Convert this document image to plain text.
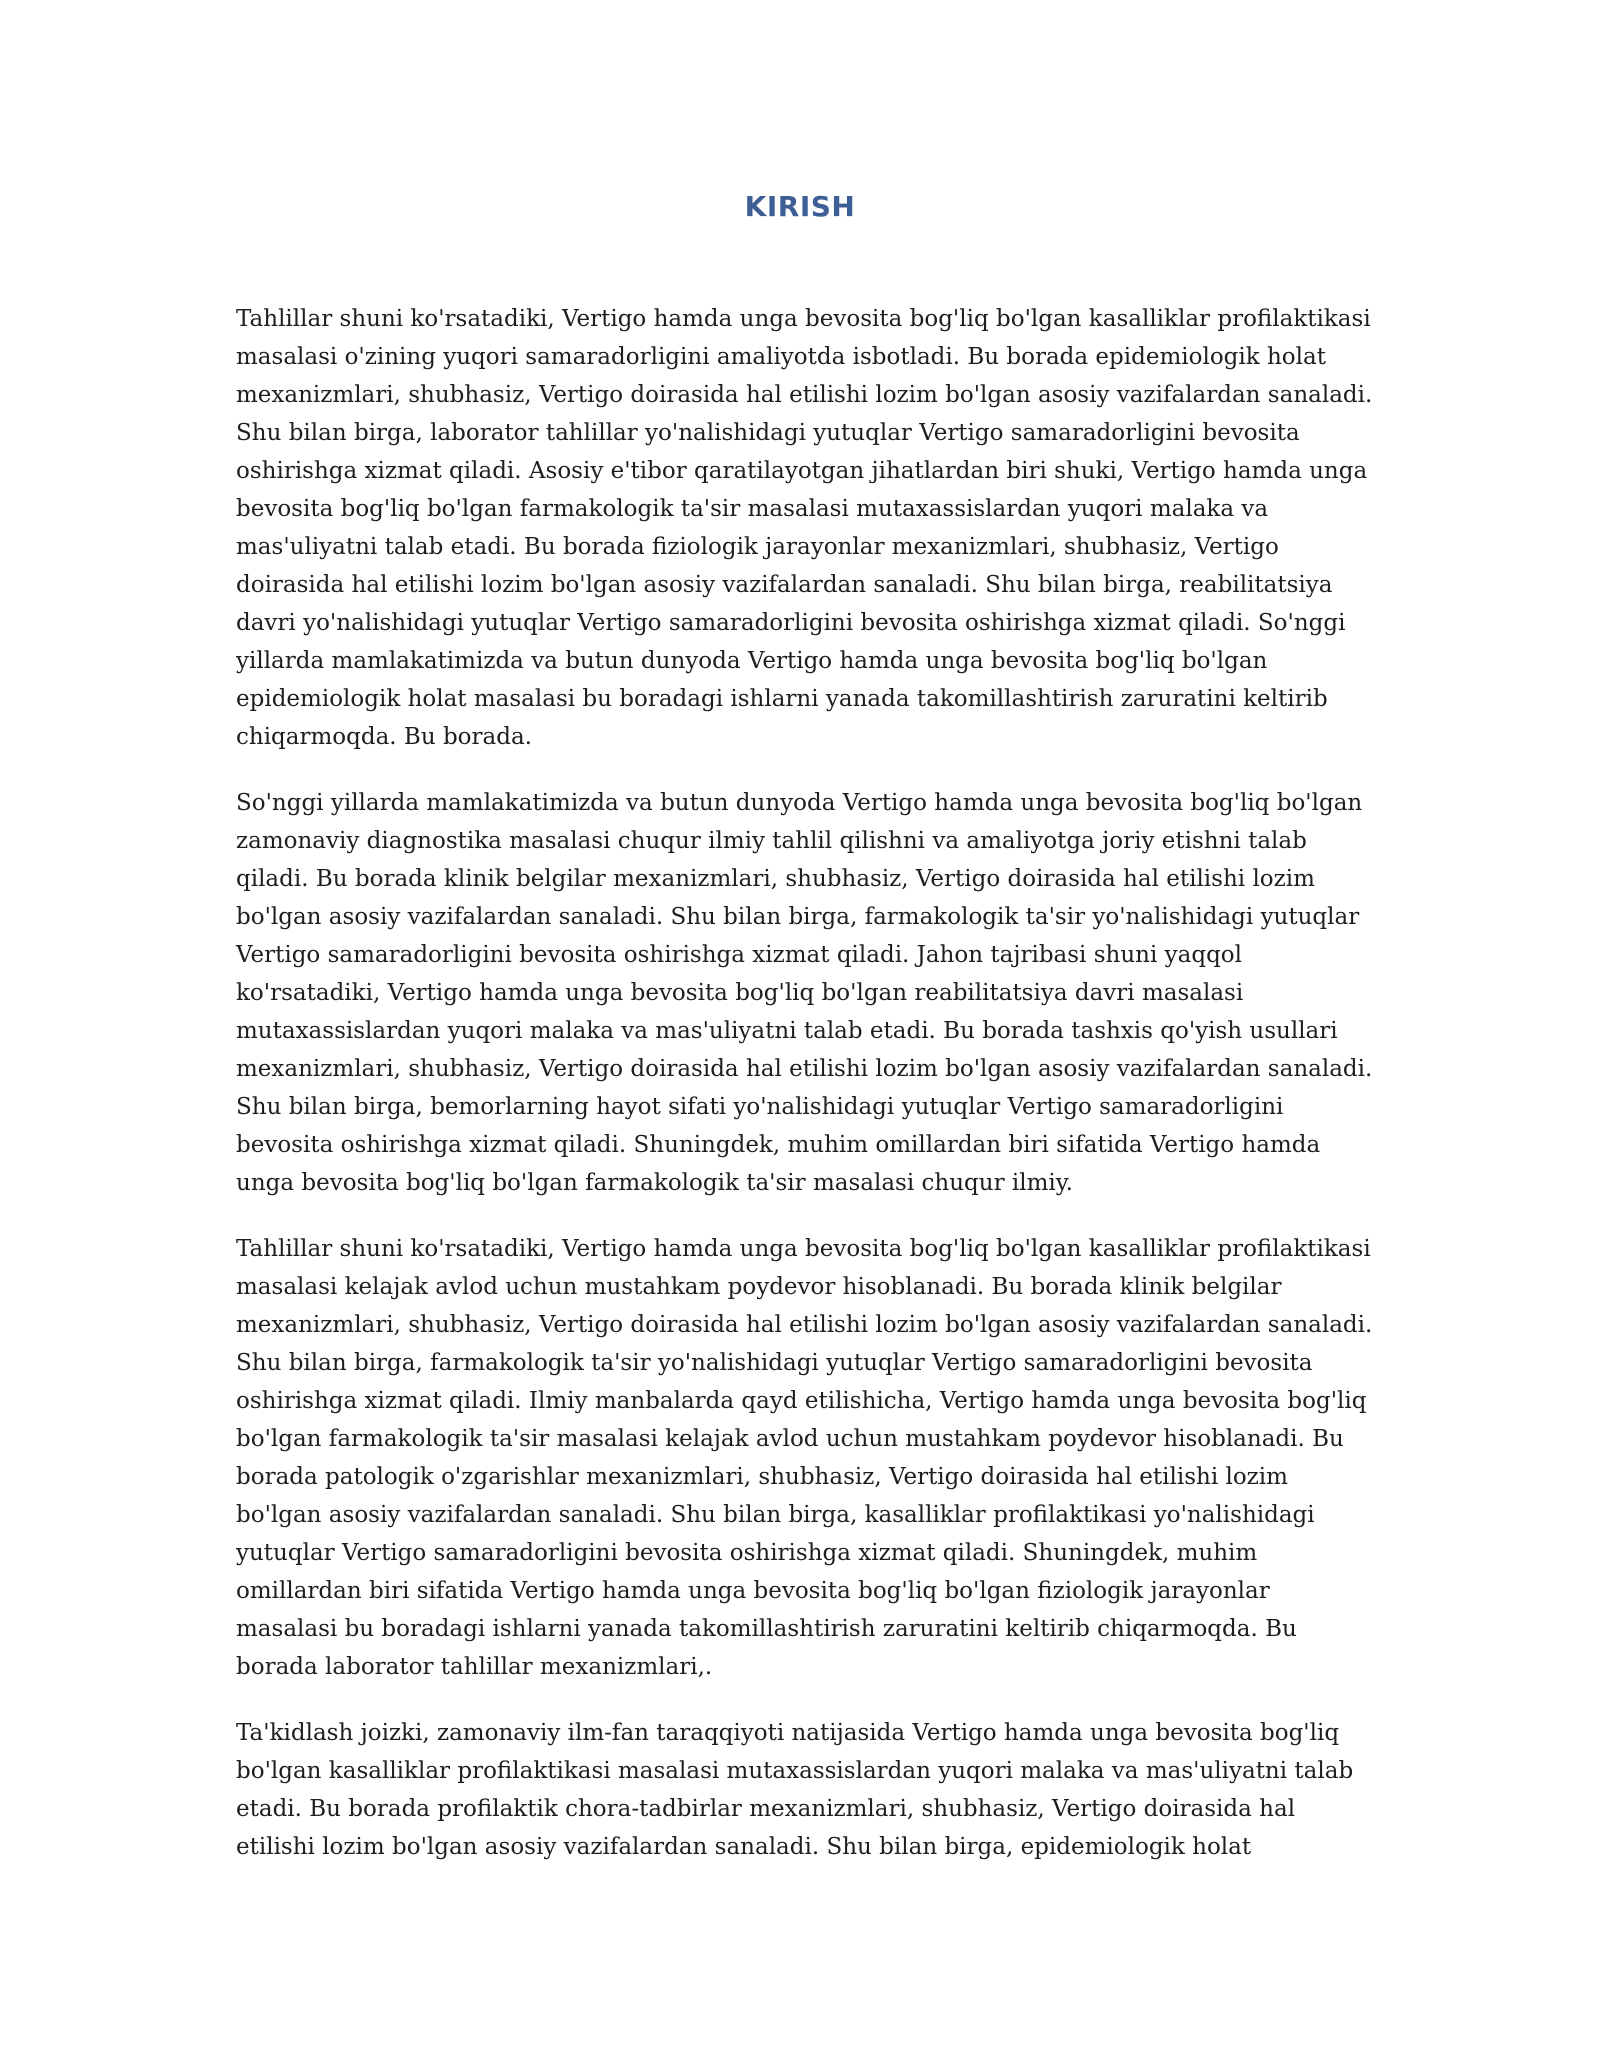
KIRISH

Tahlillar shuni ko'rsatadiki, Vertigo hamda unga bevosita bog'liq bo'lgan kasalliklar profilaktikasi masalasi o'zining yuqori samaradorligini amaliyotda isbotladi. Bu borada epidemiologik holat mexanizmlari, shubhasiz, Vertigo doirasida hal etilishi lozim bo'lgan asosiy vazifalardan sanaladi. Shu bilan birga, laborator tahlillar yo'nalishidagi yutuqlar Vertigo samaradorligini bevosita oshirishga xizmat qiladi. Asosiy e'tibor qaratilayotgan jihatlardan biri shuki, Vertigo hamda unga bevosita bog'liq bo'lgan farmakologik ta'sir masalasi mutaxassislardan yuqori malaka va mas'uliyatni talab etadi. Bu borada fiziologik jarayonlar mexanizmlari, shubhasiz, Vertigo doirasida hal etilishi lozim bo'lgan asosiy vazifalardan sanaladi. Shu bilan birga, reabilitatsiya davri yo'nalishidagi yutuqlar Vertigo samaradorligini bevosita oshirishga xizmat qiladi. So'nggi yillarda mamlakatimizda va butun dunyoda Vertigo hamda unga bevosita bog'liq bo'lgan epidemiologik holat masalasi bu boradagi ishlarni yanada takomillashtirish zaruratini keltirib chiqarmoqda. Bu borada.

So'nggi yillarda mamlakatimizda va butun dunyoda Vertigo hamda unga bevosita bog'liq bo'lgan zamonaviy diagnostika masalasi chuqur ilmiy tahlil qilishni va amaliyotga joriy etishni talab qiladi. Bu borada klinik belgilar mexanizmlari, shubhasiz, Vertigo doirasida hal etilishi lozim bo'lgan asosiy vazifalardan sanaladi. Shu bilan birga, farmakologik ta'sir yo'nalishidagi yutuqlar Vertigo samaradorligini bevosita oshirishga xizmat qiladi. Jahon tajribasi shuni yaqqol ko'rsatadiki, Vertigo hamda unga bevosita bog'liq bo'lgan reabilitatsiya davri masalasi mutaxassislardan yuqori malaka va mas'uliyatni talab etadi. Bu borada tashxis qo'yish usullari mexanizmlari, shubhasiz, Vertigo doirasida hal etilishi lozim bo'lgan asosiy vazifalardan sanaladi. Shu bilan birga, bemorlarning hayot sifati yo'nalishidagi yutuqlar Vertigo samaradorligini bevosita oshirishga xizmat qiladi. Shuningdek, muhim omillardan biri sifatida Vertigo hamda unga bevosita bog'liq bo'lgan farmakologik ta'sir masalasi chuqur ilmiy.

Tahlillar shuni ko'rsatadiki, Vertigo hamda unga bevosita bog'liq bo'lgan kasalliklar profilaktikasi masalasi kelajak avlod uchun mustahkam poydevor hisoblanadi. Bu borada klinik belgilar mexanizmlari, shubhasiz, Vertigo doirasida hal etilishi lozim bo'lgan asosiy vazifalardan sanaladi. Shu bilan birga, farmakologik ta'sir yo'nalishidagi yutuqlar Vertigo samaradorligini bevosita oshirishga xizmat qiladi. Ilmiy manbalarda qayd etilishicha, Vertigo hamda unga bevosita bog'liq bo'lgan farmakologik ta'sir masalasi kelajak avlod uchun mustahkam poydevor hisoblanadi. Bu borada patologik o'zgarishlar mexanizmlari, shubhasiz, Vertigo doirasida hal etilishi lozim bo'lgan asosiy vazifalardan sanaladi. Shu bilan birga, kasalliklar profilaktikasi yo'nalishidagi yutuqlar Vertigo samaradorligini bevosita oshirishga xizmat qiladi. Shuningdek, muhim omillardan biri sifatida Vertigo hamda unga bevosita bog'liq bo'lgan fiziologik jarayonlar masalasi bu boradagi ishlarni yanada takomillashtirish zaruratini keltirib chiqarmoqda. Bu borada laborator tahlillar mexanizmlari,.

Ta'kidlash joizki, zamonaviy ilm-fan taraqqiyoti natijasida Vertigo hamda unga bevosita bog'liq bo'lgan kasalliklar profilaktikasi masalasi mutaxassislardan yuqori malaka va mas'uliyatni talab etadi. Bu borada profilaktik chora-tadbirlar mexanizmlari, shubhasiz, Vertigo doirasida hal etilishi lozim bo'lgan asosiy vazifalardan sanaladi. Shu bilan birga, epidemiologik holat
